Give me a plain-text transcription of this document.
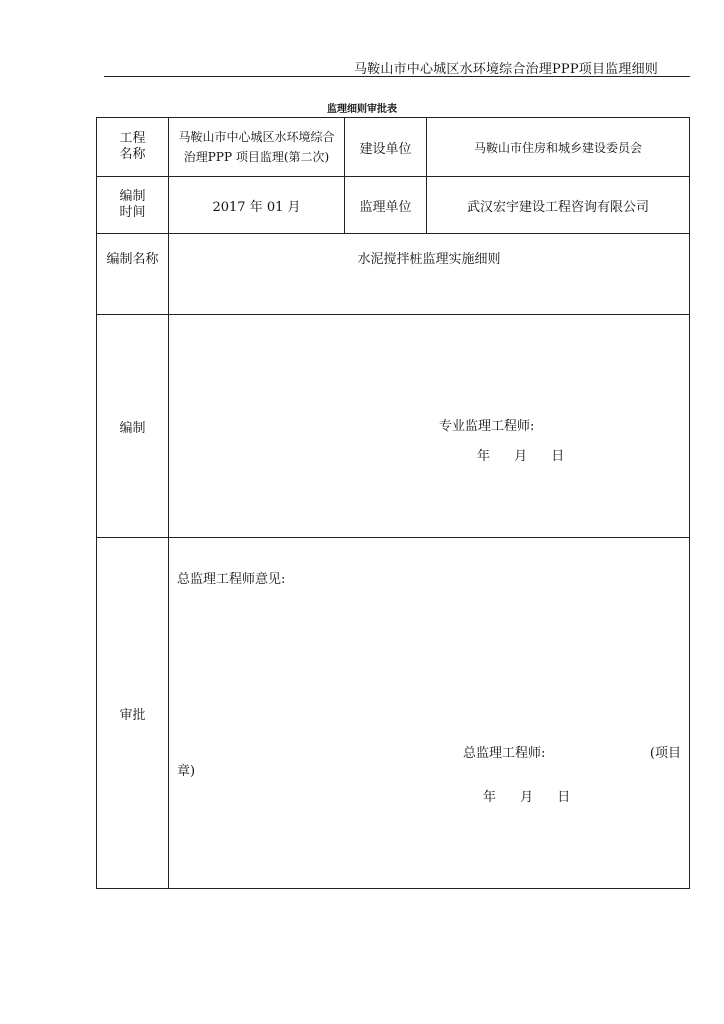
马鞍山市中心城区水环境综合治理PPP项目监理细则
监理细则审批表
工程
名称	马鞍山市中心城区水环境综合治理PPP 项目监理(第二次)	建设单位	马鞍山市住房和城乡建设委员会
编制
时间	2017 年 01 月	监理单位	武汉宏宇建设工程咨询有限公司
编制名称	水泥搅拌桩监理实施细则		
编制	专业监理工程师:
年 月 日		

审批	总监理工程师意见:
总监理工程师: (项目
章)
年 月 日		
